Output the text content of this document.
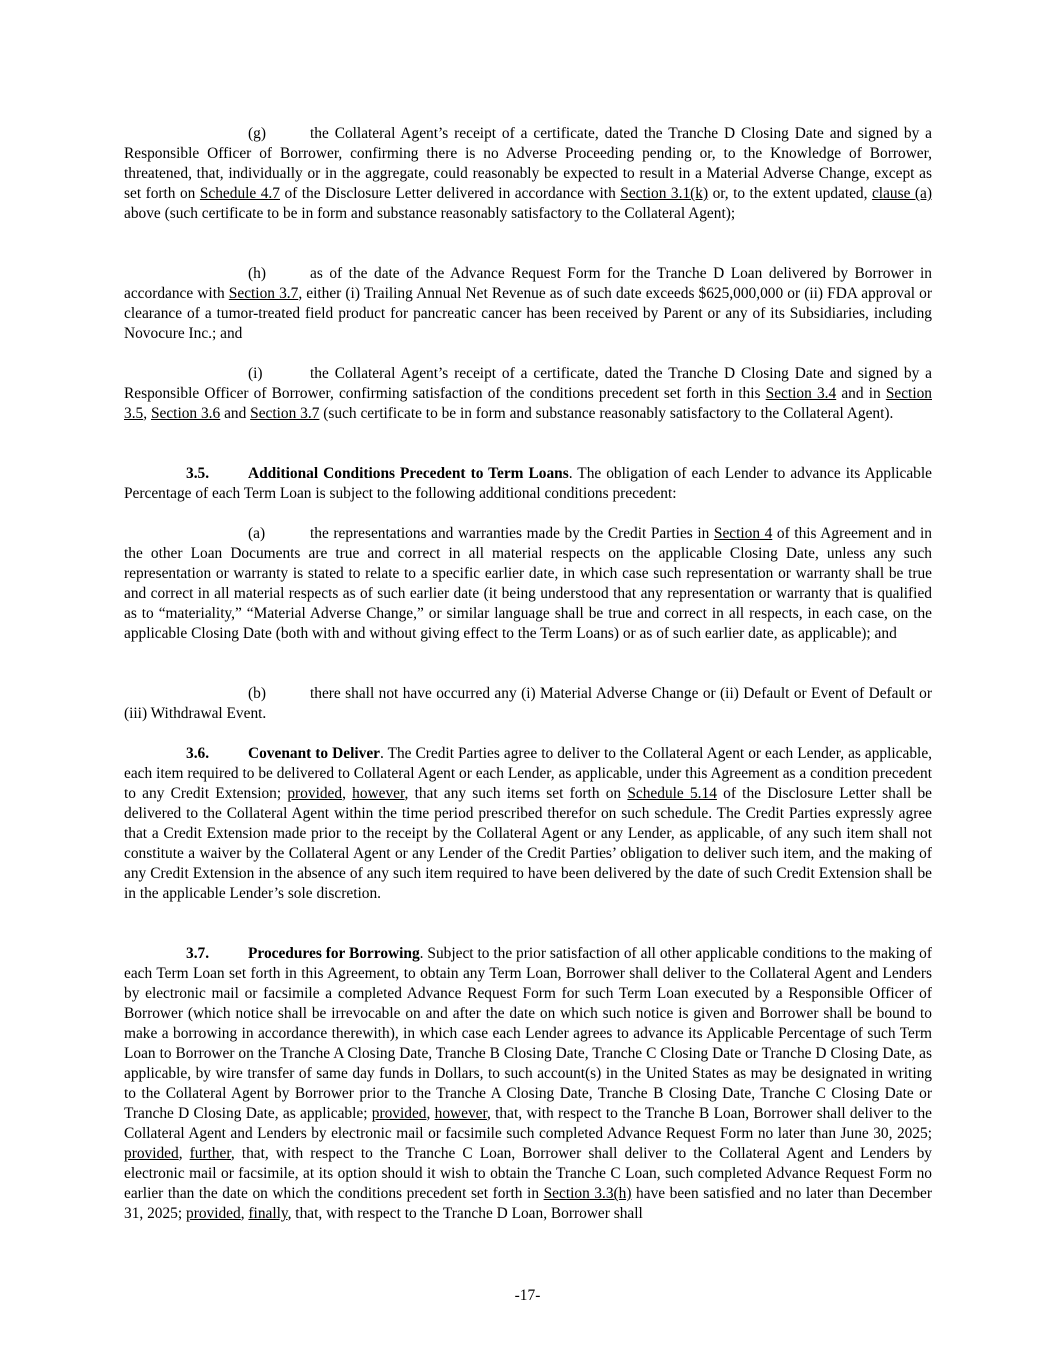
(g)	the Collateral Agent’s receipt of a certificate, dated the Tranche D Closing Date and signed by a Responsible Officer of Borrower, confirming there is no Adverse Proceeding pending or, to the Knowledge of Borrower, threatened, that, individually or in the aggregate, could reasonably be expected to result in a Material Adverse Change, except as set forth on Schedule 4.7 of the Disclosure Letter delivered in accordance with Section 3.1(k) or, to the extent updated, clause (a) above (such certificate to be in form and substance reasonably satisfactory to the Collateral Agent);

(h)	as of the date of the Advance Request Form for the Tranche D Loan delivered by Borrower in accordance with Section 3.7, either (i) Trailing Annual Net Revenue as of such date exceeds $625,000,000 or (ii) FDA approval or clearance of a tumor-treated field product for pancreatic cancer has been received by Parent or any of its Subsidiaries, including Novocure Inc.; and

(i)	the Collateral Agent’s receipt of a certificate, dated the Tranche D Closing Date and signed by a Responsible Officer of Borrower, confirming satisfaction of the conditions precedent set forth in this Section 3.4 and in Section 3.5, Section 3.6 and Section 3.7 (such certificate to be in form and substance reasonably satisfactory to the Collateral Agent).

3.5.	Additional Conditions Precedent to Term Loans. The obligation of each Lender to advance its Applicable Percentage of each Term Loan is subject to the following additional conditions precedent:

(a)	the representations and warranties made by the Credit Parties in Section 4 of this Agreement and in the other Loan Documents are true and correct in all material respects on the applicable Closing Date, unless any such representation or warranty is stated to relate to a specific earlier date, in which case such representation or warranty shall be true and correct in all material respects as of such earlier date (it being understood that any representation or warranty that is qualified as to “materiality,” “Material Adverse Change,” or similar language shall be true and correct in all respects, in each case, on the applicable Closing Date (both with and without giving effect to the Term Loans) or as of such earlier date, as applicable); and

(b)	there shall not have occurred any (i) Material Adverse Change or (ii) Default or Event of Default or (iii) Withdrawal Event.

3.6.	Covenant to Deliver. The Credit Parties agree to deliver to the Collateral Agent or each Lender, as applicable, each item required to be delivered to Collateral Agent or each Lender, as applicable, under this Agreement as a condition precedent to any Credit Extension; provided, however, that any such items set forth on Schedule 5.14 of the Disclosure Letter shall be delivered to the Collateral Agent within the time period prescribed therefor on such schedule. The Credit Parties expressly agree that a Credit Extension made prior to the receipt by the Collateral Agent or any Lender, as applicable, of any such item shall not constitute a waiver by the Collateral Agent or any Lender of the Credit Parties’ obligation to deliver such item, and the making of any Credit Extension in the absence of any such item required to have been delivered by the date of such Credit Extension shall be in the applicable Lender’s sole discretion.

3.7.	Procedures for Borrowing. Subject to the prior satisfaction of all other applicable conditions to the making of each Term Loan set forth in this Agreement, to obtain any Term Loan, Borrower shall deliver to the Collateral Agent and Lenders by electronic mail or facsimile a completed Advance Request Form for such Term Loan executed by a Responsible Officer of Borrower (which notice shall be irrevocable on and after the date on which such notice is given and Borrower shall be bound to make a borrowing in accordance therewith), in which case each Lender agrees to advance its Applicable Percentage of such Term Loan to Borrower on the Tranche A Closing Date, Tranche B Closing Date, Tranche C Closing Date or Tranche D Closing Date, as applicable, by wire transfer of same day funds in Dollars, to such account(s) in the United States as may be designated in writing to the Collateral Agent by Borrower prior to the Tranche A Closing Date, Tranche B Closing Date, Tranche C Closing Date or Tranche D Closing Date, as applicable; provided, however, that, with respect to the Tranche B Loan, Borrower shall deliver to the Collateral Agent and Lenders by electronic mail or facsimile such completed Advance Request Form no later than June 30, 2025; provided, further, that, with respect to the Tranche C Loan, Borrower shall deliver to the Collateral Agent and Lenders by electronic mail or facsimile, at its option should it wish to obtain the Tranche C Loan, such completed Advance Request Form no earlier than the date on which the conditions precedent set forth in Section 3.3(h) have been satisfied and no later than December 31, 2025; provided, finally, that, with respect to the Tranche D Loan, Borrower shall

-17-
